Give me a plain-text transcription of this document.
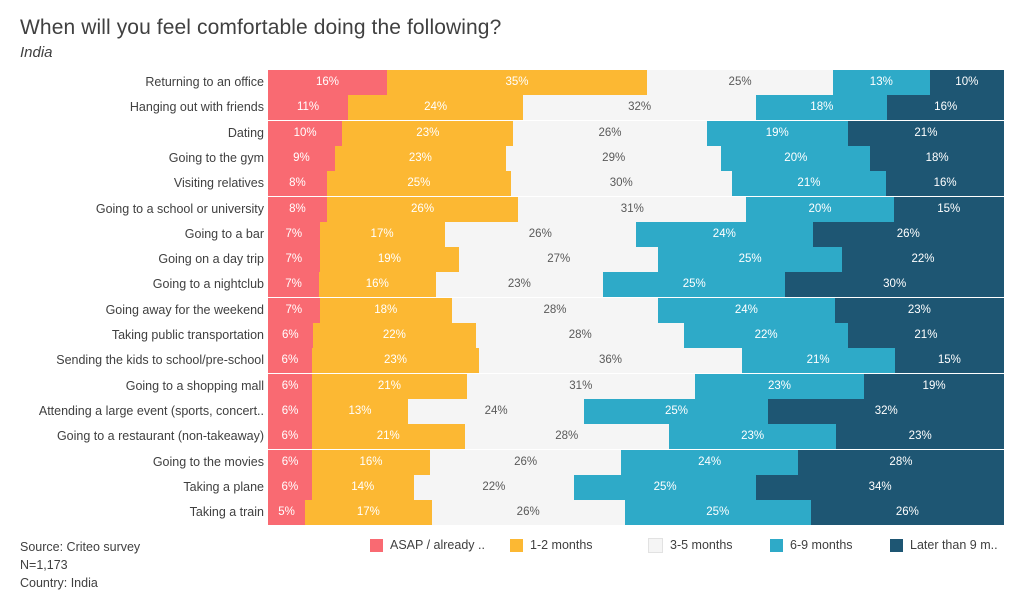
When will you feel comfortable doing the following?
India
Returning to an office	16%	35%	25%	13%	10%
Hanging out with friends	11%	24%	32%	18%	16%
Dating	10%	23%	26%	19%	21%
Going to the gym	9%	23%	29%	20%	18%
Visiting relatives	8%	25%	30%	21%	16%
Going to a school or university	8%	26%	31%	20%	15%
Going to a bar	7%	17%	26%	24%	26%
Going on a day trip	7%	19%	27%	25%	22%
Going to a nightclub	7%	16%	23%	25%	30%
Going away for the weekend	7%	18%	28%	24%	23%
Taking public transportation	6%	22%	28%	22%	21%
Sending the kids to school/pre-school	6%	23%	36%	21%	15%
Going to a shopping mall	6%	21%	31%	23%	19%
Attending a large event (sports, concert..	6%	13%	24%	25%	32%
Going to a restaurant (non-takeaway)	6%	21%	28%	23%	23%
Going to the movies	6%	16%	26%	24%	28%
Taking a plane	6%	14%	22%	25%	34%
Taking a train	5%	17%	26%	25%	26%
ASAP / already ..	1-2 months	3-5 months	6-9 months	Later than 9 m..
Source: Criteo survey
N=1,173
Country: India
